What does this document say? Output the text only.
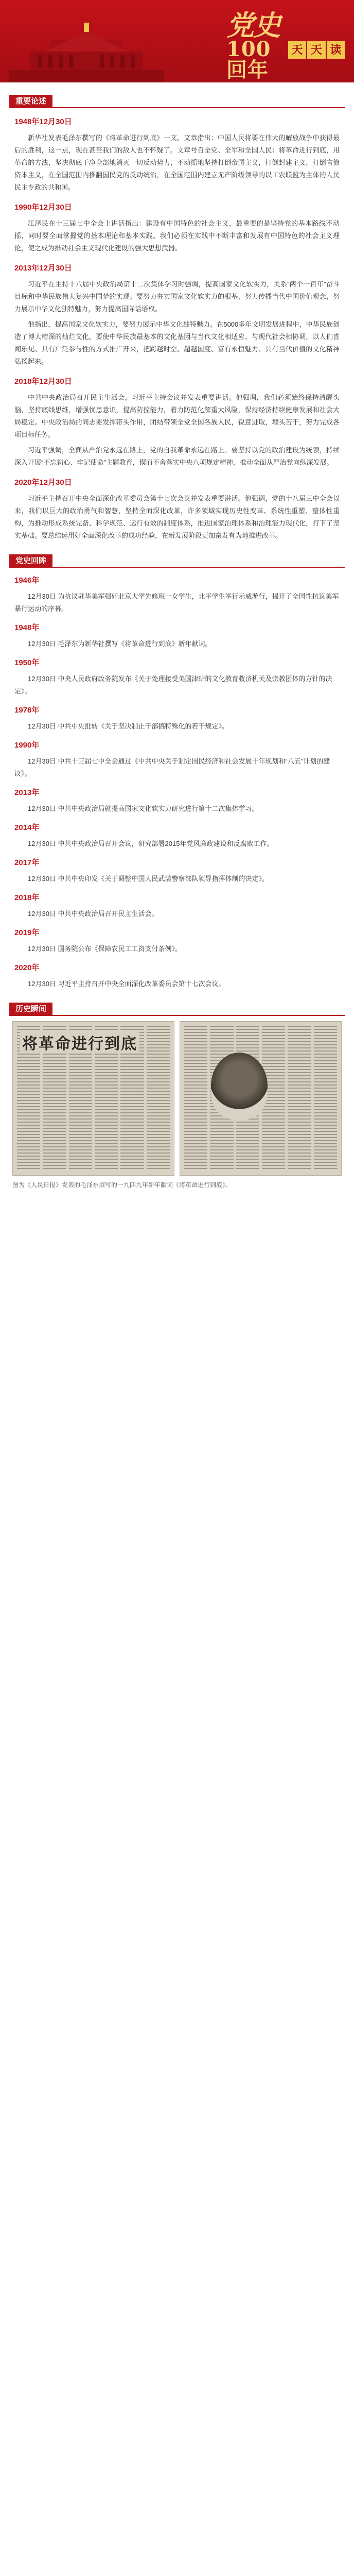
党史
100回年
天 天 读
重要论述
1948年12月30日

新华社发表毛泽东撰写的《将革命进行到底》一文。文章指出：中国人民将要在伟大的解放战争中获得最后的胜利，这一点，现在甚至我们的敌人也不怀疑了。文章号召全党、全军和全国人民：将革命进行到底，用革命的方法，坚决彻底干净全部地消灭一切反动势力，不动摇地坚持打倒帝国主义，打倒封建主义，打倒官僚资本主义，在全国范围内推翻国民党的反动统治，在全国范围内建立无产阶级领导的以工农联盟为主体的人民民主专政的共和国。

1990年12月30日

江泽民在十三届七中全会上讲话指出：建设有中国特色的社会主义，最重要的是坚持党的基本路线不动摇，同时要全面掌握党的基本理论和基本实践。我们必须在实践中不断丰富和发展有中国特色的社会主义理论，使之成为推动社会主义现代化建设的强大思想武器。

2013年12月30日

习近平在主持十八届中央政治局第十二次集体学习时强调，提高国家文化软实力，关系“两个一百年”奋斗目标和中华民族伟大复兴中国梦的实现。要努力夯实国家文化软实力的根基，努力传播当代中国价值观念，努力展示中华文化独特魅力，努力提高国际话语权。

他指出，提高国家文化软实力，要努力展示中华文化独特魅力。在5000多年文明发展进程中，中华民族创造了博大精深的灿烂文化，要使中华民族最基本的文化基因与当代文化相适应、与现代社会相协调，以人们喜闻乐见、具有广泛参与性的方式推广开来，把跨越时空、超越国度、富有永恒魅力、具有当代价值的文化精神弘扬起来。

2018年12月30日

中共中央政治局召开民主生活会，习近平主持会议并发表重要讲话。他强调，我们必须始终保持清醒头脑，坚持底线思维，增强忧患意识，提高防控能力，着力防范化解重大风险，保持经济持续健康发展和社会大局稳定。中央政治局的同志要发挥带头作用，团结带领全党全国各族人民，锐意进取，埋头苦干，努力完成各项目标任务。

习近平强调，全面从严治党永远在路上，党的自我革命永远在路上。要坚持以党的政治建设为统领，持续深入开展“不忘初心、牢记使命”主题教育，锲而不舍落实中央八项规定精神，推动全面从严治党向纵深发展。

2020年12月30日

习近平主持召开中央全面深化改革委员会第十七次会议并发表重要讲话。他强调，党的十八届三中全会以来，我们以巨大的政治勇气和智慧，坚持全面深化改革，许多领域实现历史性变革、系统性重塑、整体性重构，为推动形成系统完备、科学规范、运行有效的制度体系，推进国家治理体系和治理能力现代化，打下了坚实基础。要总结运用好全面深化改革的成功经验，在新发展阶段更加奋发有为地推进改革。

党史回眸
1946年

12月30日 为抗议驻华美军强奸北京大学先修班一女学生，北平学生举行示威游行，揭开了全国性抗议美军暴行运动的序幕。

1948年

12月30日 毛泽东为新华社撰写《将革命进行到底》新年献词。

1950年

12月30日 中央人民政府政务院发布《关于处理接受美国津贴的文化教育救济机关及宗教团体的方针的决定》。

1978年

12月30日 中共中央批转《关于坚决制止干部搞特殊化的若干规定》。

1990年

12月30日 中共十三届七中全会通过《中共中央关于制定国民经济和社会发展十年规划和“八五”计划的建议》。

2013年

12月30日 中共中央政治局就提高国家文化软实力研究进行第十二次集体学习。

2014年

12月30日 中共中央政治局召开会议，研究部署2015年党风廉政建设和反腐败工作。

2017年

12月30日 中共中央印发《关于调整中国人民武装警察部队领导指挥体制的决定》。

2018年

12月30日 中共中央政治局召开民主生活会。

2019年

12月30日 国务院公布《保障农民工工资支付条例》。

2020年

12月30日 习近平主持召开中央全面深化改革委员会第十七次会议。

历史瞬间
将革命进行到底
图为《人民日报》发表的毛泽东撰写的一九四九年新年献词《将革命进行到底》。
